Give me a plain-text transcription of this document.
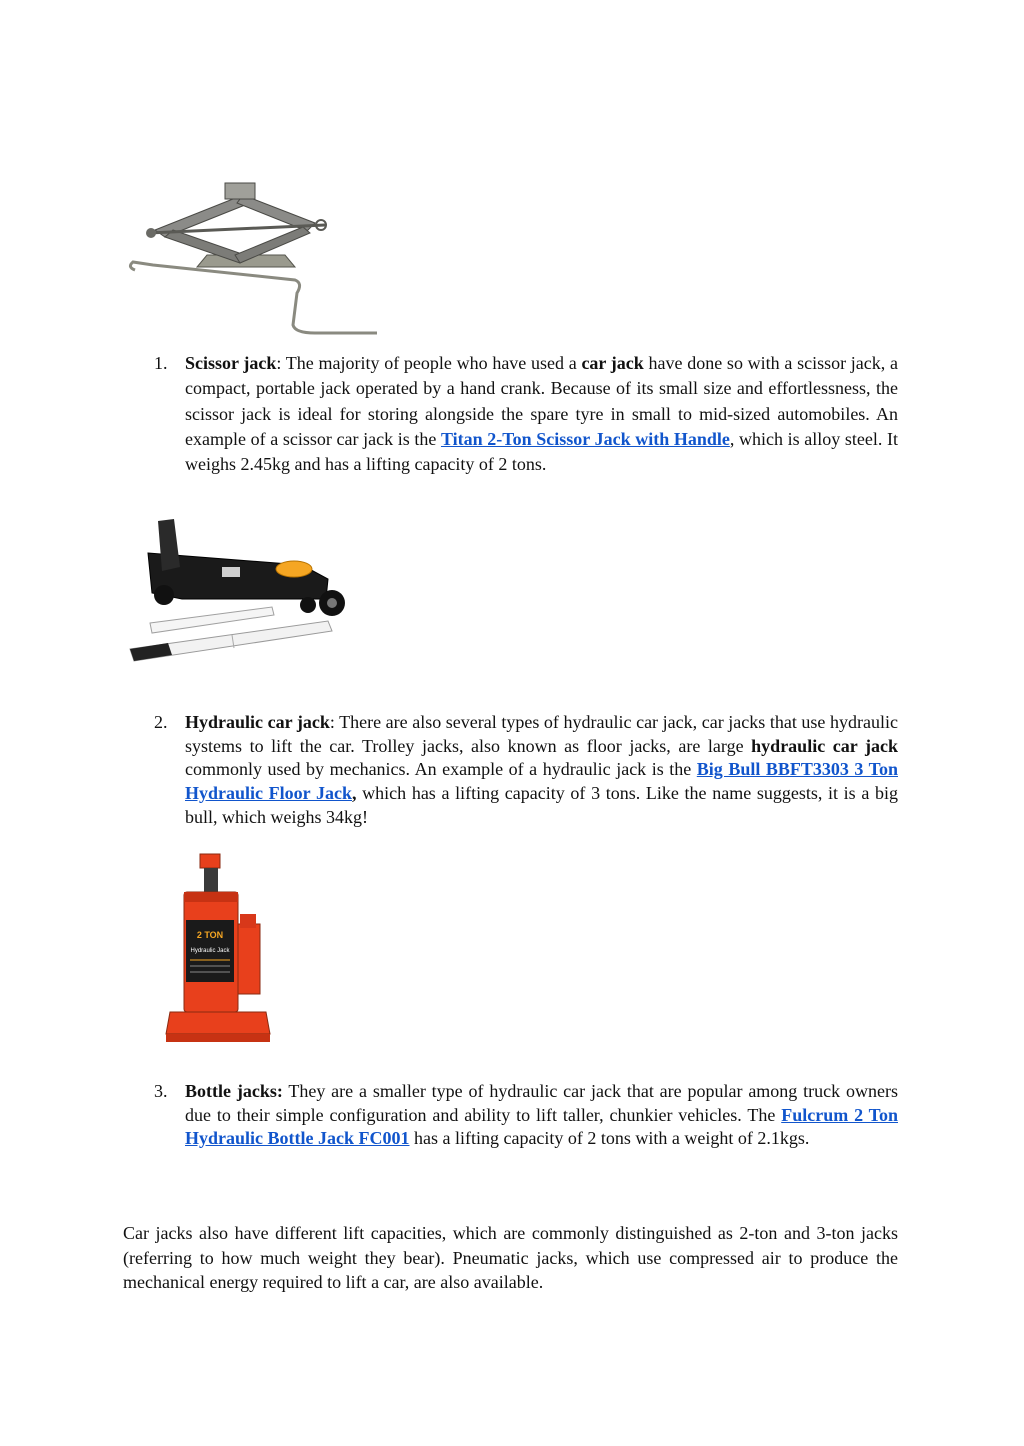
1. Scissor jack: The majority of people who have used a car jack have done so with a scissor jack, a compact, portable jack operated by a hand crank. Because of its small size and effortlessness, the scissor jack is ideal for storing alongside the spare tyre in small to mid-sized automobiles. An example of a scissor car jack is the Titan 2-Ton Scissor Jack with Handle, which is alloy steel. It weighs 2.45kg and has a lifting capacity of 2 tons.
2. Hydraulic car jack: There are also several types of hydraulic car jack, car jacks that use hydraulic systems to lift the car. Trolley jacks, also known as floor jacks, are large hydraulic car jack commonly used by mechanics. An example of a hydraulic jack is the Big Bull BBFT3303 3 Ton Hydraulic Floor Jack, which has a lifting capacity of 3 tons. Like the name suggests, it is a big bull, which weighs 34kg!
2 TON
Hydraulic Jack
3. Bottle jacks: They are a smaller type of hydraulic car jack that are popular among truck owners due to their simple configuration and ability to lift taller, chunkier vehicles. The Fulcrum 2 Ton Hydraulic Bottle Jack FC001 has a lifting capacity of 2 tons with a weight of 2.1kgs.
Car jacks also have different lift capacities, which are commonly distinguished as 2-ton and 3-ton jacks (referring to how much weight they bear). Pneumatic jacks, which use compressed air to produce the mechanical energy required to lift a car, are also available.
